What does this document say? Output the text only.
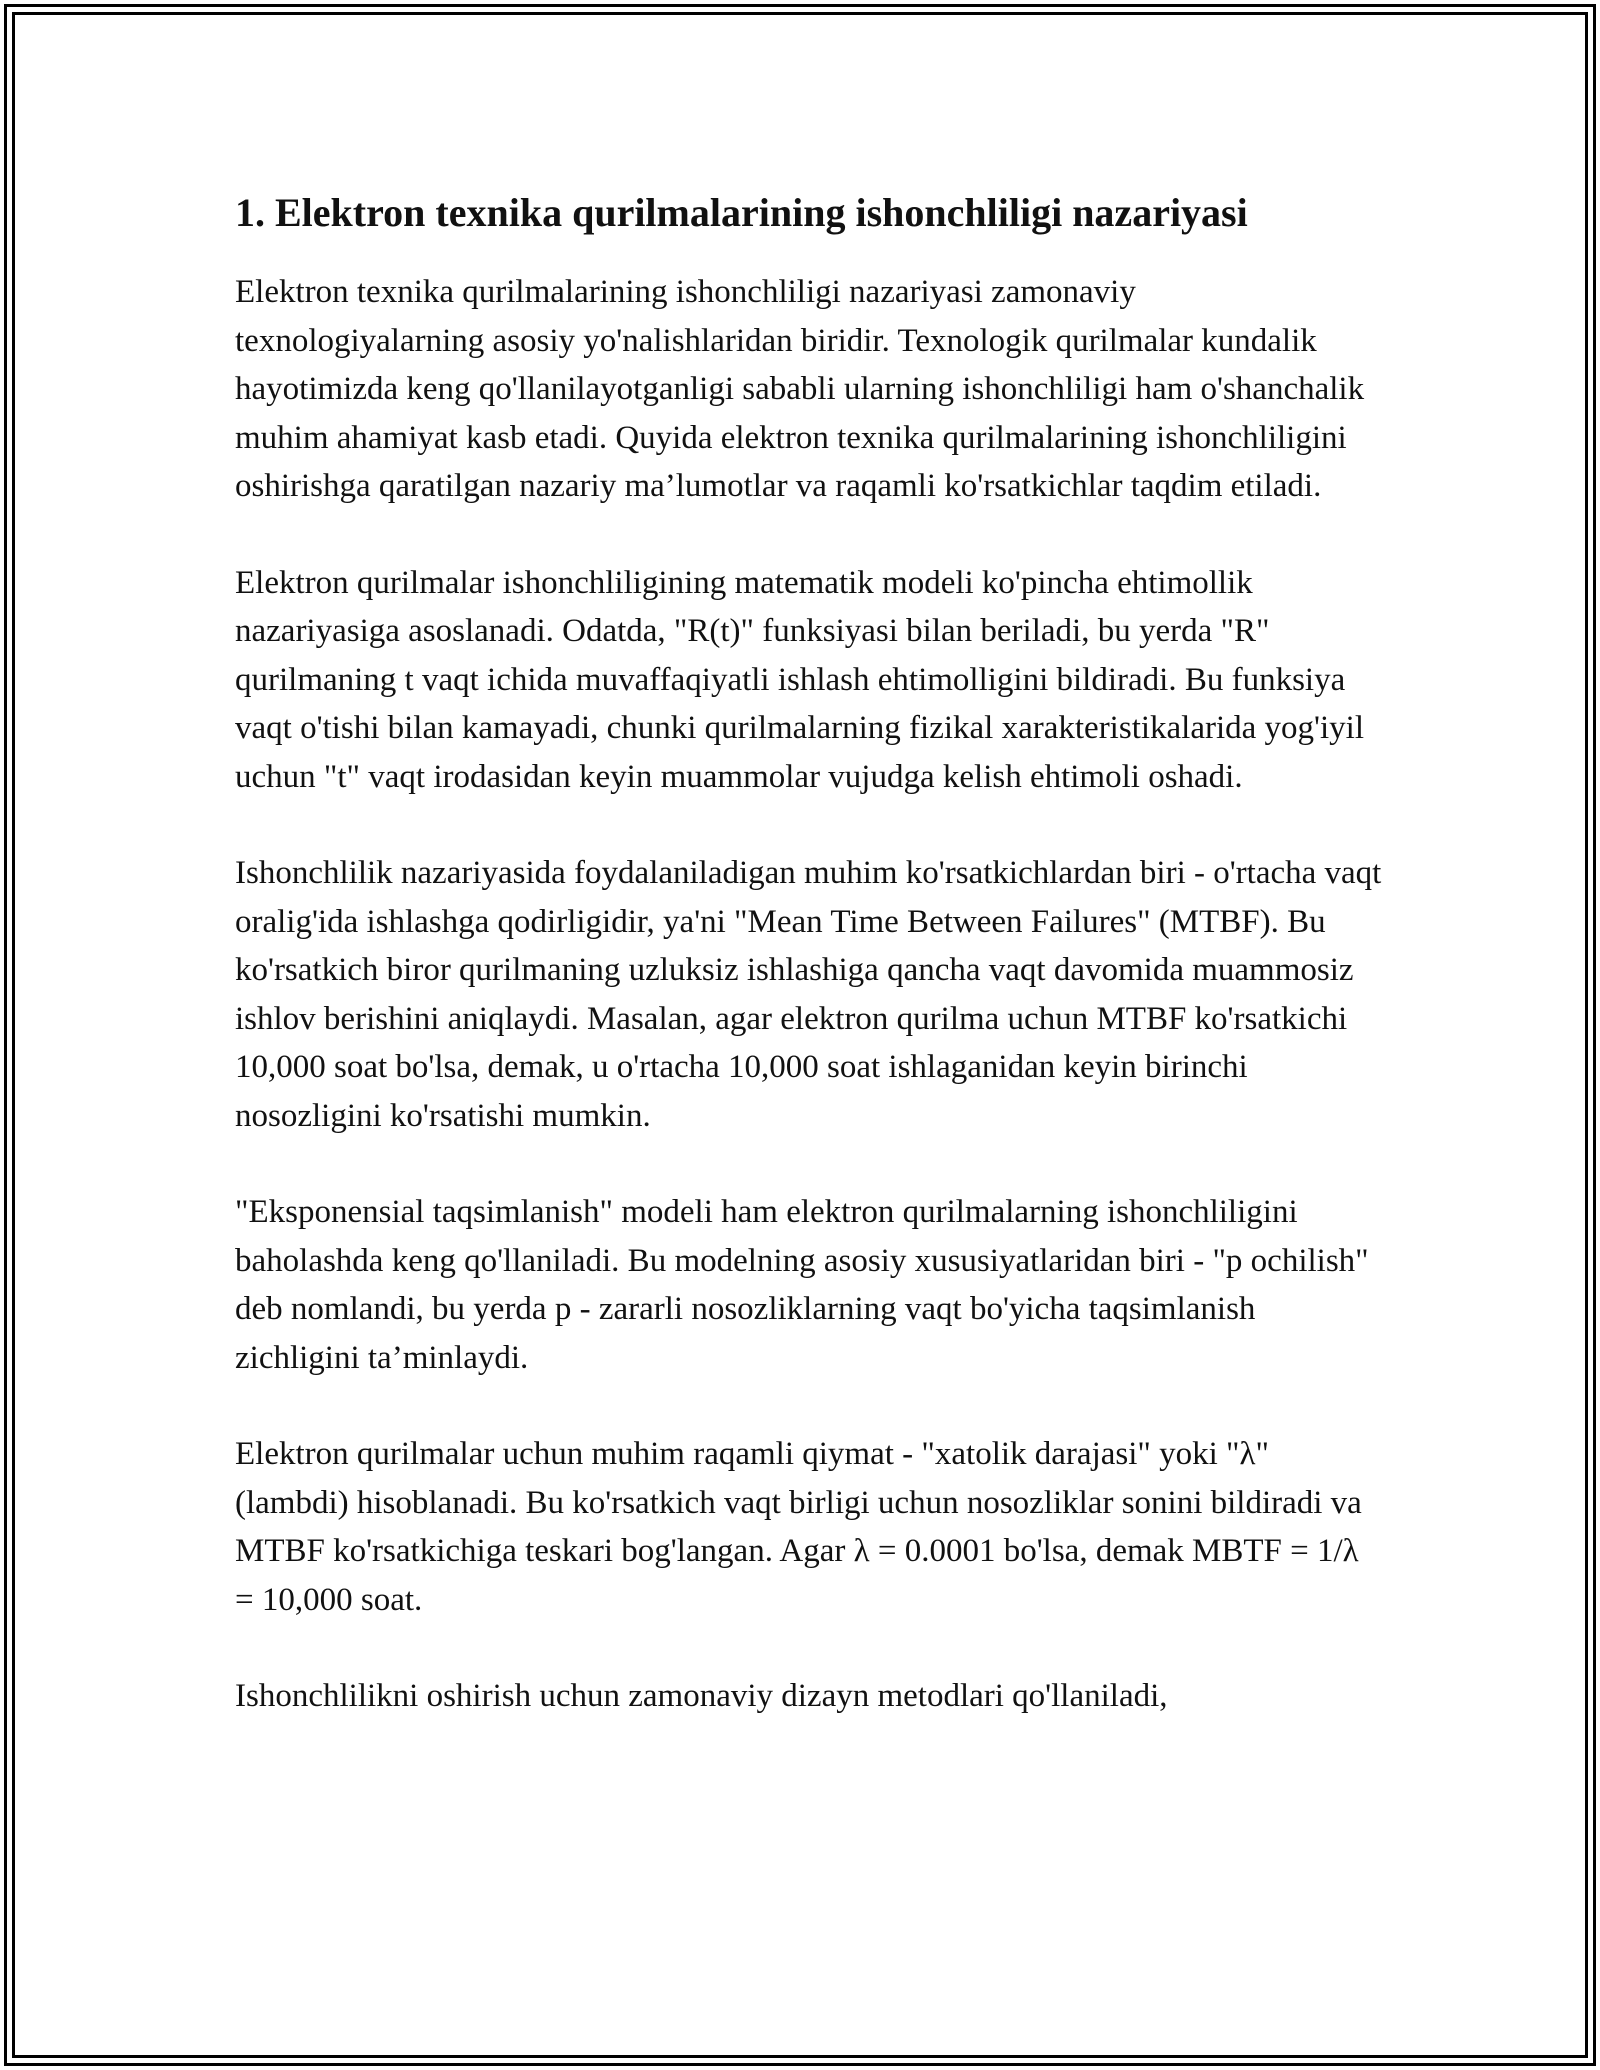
1. Elektron texnika qurilmalarining ishonchliligi nazariyasi

Elektron texnika qurilmalarining ishonchliligi nazariyasi zamonaviy texnologiyalarning asosiy yo'nalishlaridan biridir. Texnologik qurilmalar kundalik hayotimizda keng qo'llanilayotganligi sababli ularning ishonchliligi ham o'shanchalik muhim ahamiyat kasb etadi. Quyida elektron texnika qurilmalarining ishonchliligini oshirishga qaratilgan nazariy ma’lumotlar va raqamli ko'rsatkichlar taqdim etiladi.

Elektron qurilmalar ishonchliligining matematik modeli ko'pincha ehtimollik nazariyasiga asoslanadi. Odatda, "R(t)" funksiyasi bilan beriladi, bu yerda "R" qurilmaning t vaqt ichida muvaffaqiyatli ishlash ehtimolligini bildiradi. Bu funksiya vaqt o'tishi bilan kamayadi, chunki qurilmalarning fizikal xarakteristikalarida yog'iyil uchun "t" vaqt irodasidan keyin muammolar vujudga kelish ehtimoli oshadi.

Ishonchlilik nazariyasida foydalaniladigan muhim ko'rsatkichlardan biri - o'rtacha vaqt oralig'ida ishlashga qodirligidir, ya'ni "Mean Time Between Failures" (MTBF). Bu ko'rsatkich biror qurilmaning uzluksiz ishlashiga qancha vaqt davomida muammosiz ishlov berishini aniqlaydi. Masalan, agar elektron qurilma uchun MTBF ko'rsatkichi 10,000 soat bo'lsa, demak, u o'rtacha 10,000 soat ishlaganidan keyin birinchi nosozligini ko'rsatishi mumkin.

"Eksponensial taqsimlanish" modeli ham elektron qurilmalarning ishonchliligini baholashda keng qo'llaniladi. Bu modelning asosiy xususiyatlaridan biri - "p ochilish" deb nomlandi, bu yerda p - zararli nosozliklarning vaqt bo'yicha taqsimlanish zichligini ta’minlaydi.

Elektron qurilmalar uchun muhim raqamli qiymat - "xatolik darajasi" yoki "λ" (lambdi) hisoblanadi. Bu ko'rsatkich vaqt birligi uchun nosozliklar sonini bildiradi va MTBF ko'rsatkichiga teskari bog'langan. Agar λ = 0.0001 bo'lsa, demak MBTF = 1/λ = 10,000 soat.

Ishonchlilikni oshirish uchun zamonaviy dizayn metodlari qo'llaniladi,
